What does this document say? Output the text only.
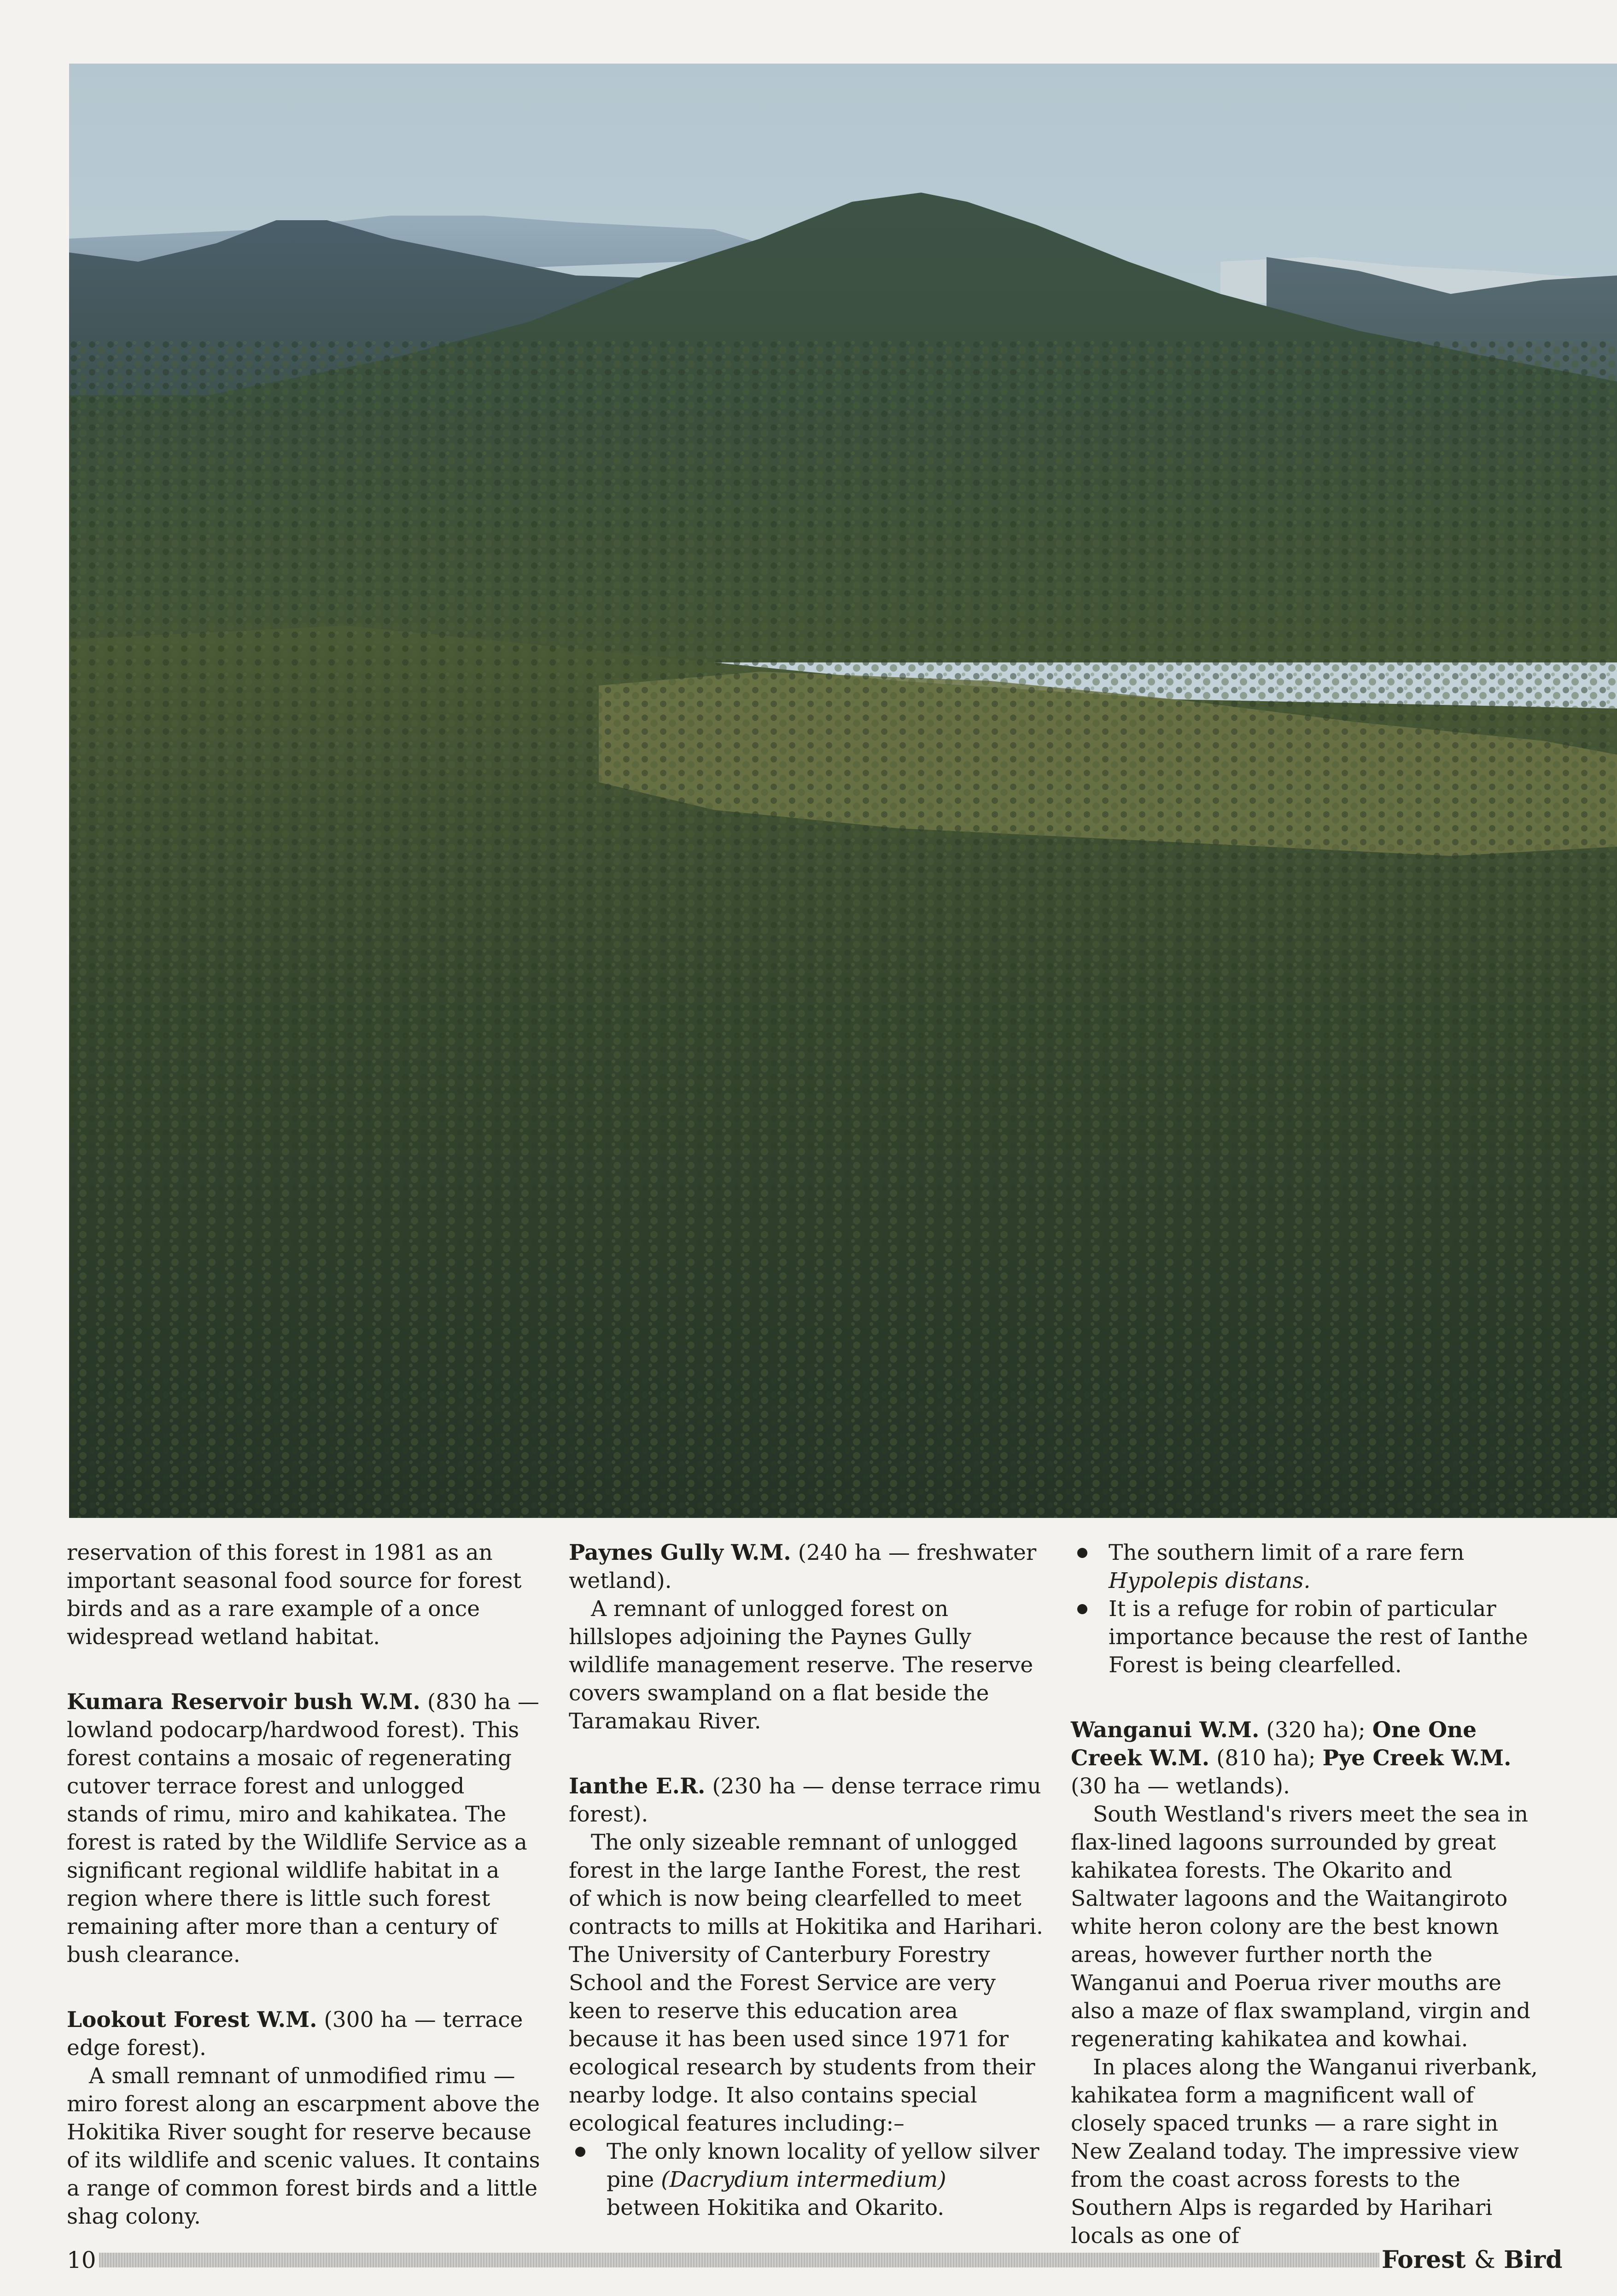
reservation of this forest in 1981 as an important seasonal food source for forest birds and as a rare example of a once widespread wetland habitat.

Kumara Reservoir bush W.M. (830 ha — lowland podocarp/hardwood forest). This forest contains a mosaic of regenerating cutover terrace forest and unlogged stands of rimu, miro and kahikatea. The forest is rated by the Wildlife Service as a significant regional wildlife habitat in a region where there is little such forest remaining after more than a century of bush clearance.

Lookout Forest W.M. (300 ha — terrace edge forest).

A small remnant of unmodified rimu — miro forest along an escarpment above the Hokitika River sought for reserve because of its wildlife and scenic values. It contains a range of common forest birds and a little shag colony.

Paynes Gully W.M. (240 ha — freshwater wetland).

A remnant of unlogged forest on hillslopes adjoining the Paynes Gully wildlife management reserve. The reserve covers swampland on a flat beside the Taramakau River.

Ianthe E.R. (230 ha — dense terrace rimu forest).

The only sizeable remnant of unlogged forest in the large Ianthe Forest, the rest of which is now being clearfelled to meet contracts to mills at Hokitika and Harihari. The University of Canterbury Forestry School and the Forest Service are very keen to reserve this education area because it has been used since 1971 for ecological research by students from their nearby lodge. It also contains special ecological features including:–

The only known locality of yellow silver pine (Dacrydium intermedium) between Hokitika and Okarito.

The southern limit of a rare fern Hypolepis distans.

It is a refuge for robin of particular importance because the rest of Ianthe Forest is being clearfelled.

Wanganui W.M. (320 ha); One One Creek W.M. (810 ha); Pye Creek W.M. (30 ha — wetlands).

South Westland's rivers meet the sea in flax-lined lagoons surrounded by great kahikatea forests. The Okarito and Saltwater lagoons and the Waitangiroto white heron colony are the best known areas, however further north the Wanganui and Poerua river mouths are also a maze of flax swampland, virgin and regenerating kahikatea and kowhai.

In places along the Wanganui riverbank, kahikatea form a magnificent wall of closely spaced trunks — a rare sight in New Zealand today. The impressive view from the coast across forests to the Southern Alps is regarded by Harihari locals as one of

10	Forest & Bird
